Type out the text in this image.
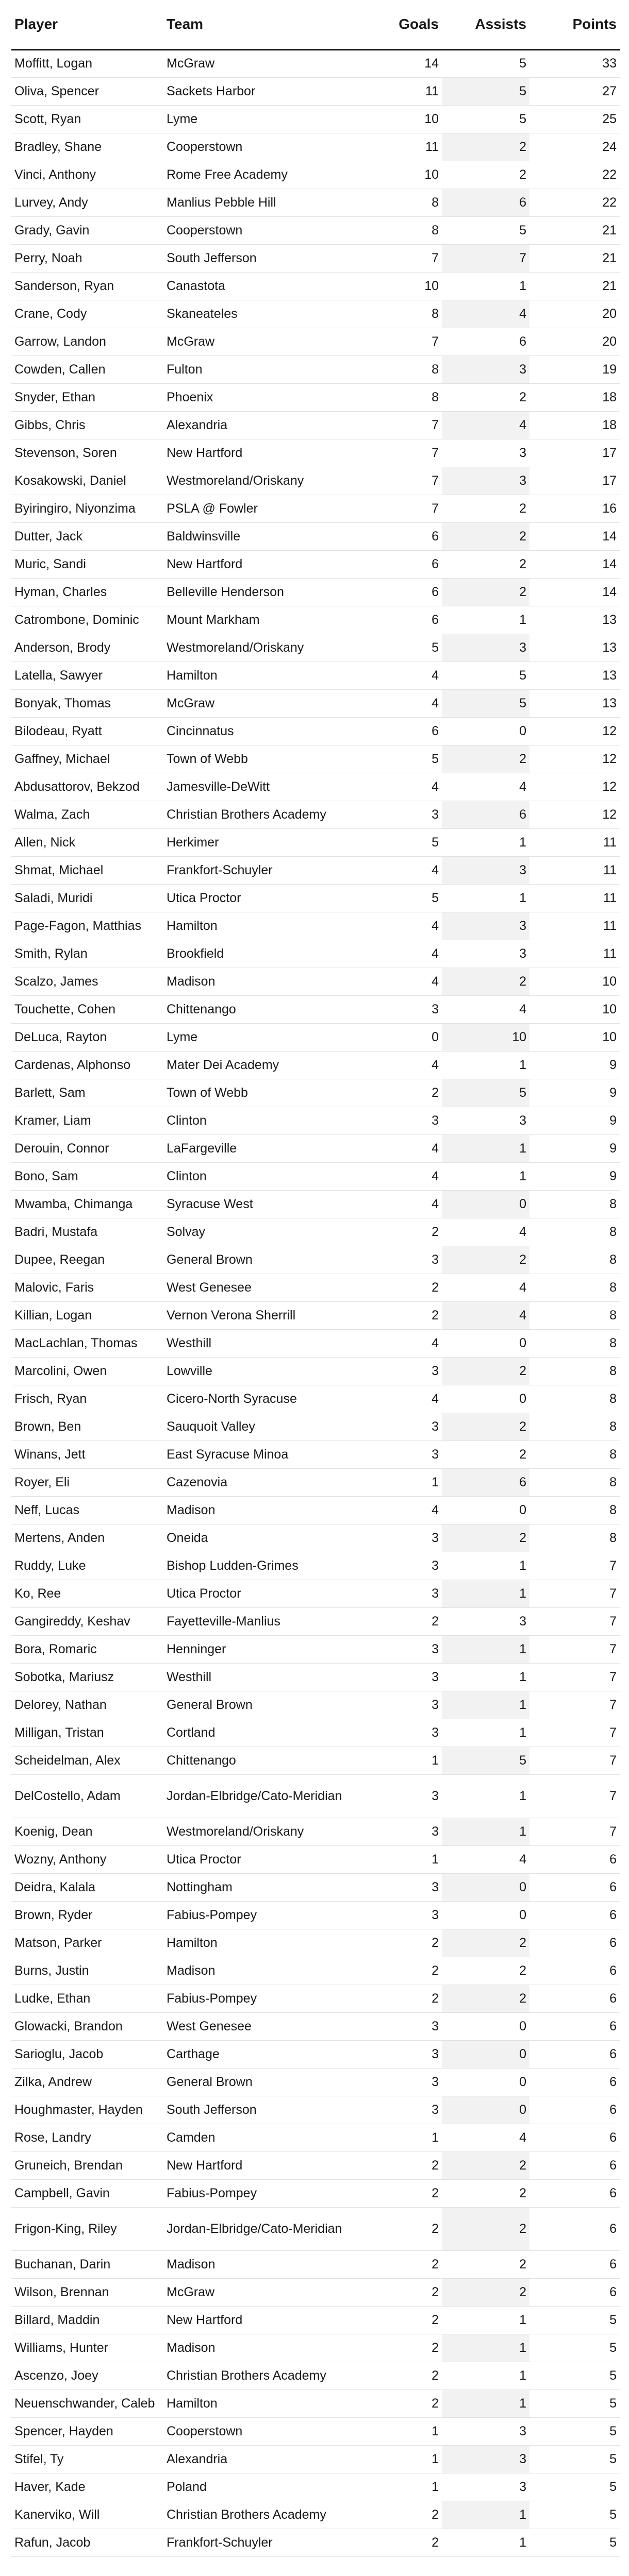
Player	Team	Goals	Assists	Points
Moffitt, Logan	McGraw	14	5	33
Oliva, Spencer	Sackets Harbor	11	5	27
Scott, Ryan	Lyme	10	5	25
Bradley, Shane	Cooperstown	11	2	24
Vinci, Anthony	Rome Free Academy	10	2	22
Lurvey, Andy	Manlius Pebble Hill	8	6	22
Grady, Gavin	Cooperstown	8	5	21
Perry, Noah	South Jefferson	7	7	21
Sanderson, Ryan	Canastota	10	1	21
Crane, Cody	Skaneateles	8	4	20
Garrow, Landon	McGraw	7	6	20
Cowden, Callen	Fulton	8	3	19
Snyder, Ethan	Phoenix	8	2	18
Gibbs, Chris	Alexandria	7	4	18
Stevenson, Soren	New Hartford	7	3	17
Kosakowski, Daniel	Westmoreland/Oriskany	7	3	17
Byiringiro, Niyonzima	PSLA @ Fowler	7	2	16
Dutter, Jack	Baldwinsville	6	2	14
Muric, Sandi	New Hartford	6	2	14
Hyman, Charles	Belleville Henderson	6	2	14
Catrombone, Dominic	Mount Markham	6	1	13
Anderson, Brody	Westmoreland/Oriskany	5	3	13
Latella, Sawyer	Hamilton	4	5	13
Bonyak, Thomas	McGraw	4	5	13
Bilodeau, Ryatt	Cincinnatus	6	0	12
Gaffney, Michael	Town of Webb	5	2	12
Abdusattorov, Bekzod	Jamesville-DeWitt	4	4	12
Walma, Zach	Christian Brothers Academy	3	6	12
Allen, Nick	Herkimer	5	1	11
Shmat, Michael	Frankfort-Schuyler	4	3	11
Saladi, Muridi	Utica Proctor	5	1	11
Page-Fagon, Matthias	Hamilton	4	3	11
Smith, Rylan	Brookfield	4	3	11
Scalzo, James	Madison	4	2	10
Touchette, Cohen	Chittenango	3	4	10
DeLuca, Rayton	Lyme	0	10	10
Cardenas, Alphonso	Mater Dei Academy	4	1	9
Barlett, Sam	Town of Webb	2	5	9
Kramer, Liam	Clinton	3	3	9
Derouin, Connor	LaFargeville	4	1	9
Bono, Sam	Clinton	4	1	9
Mwamba, Chimanga	Syracuse West	4	0	8
Badri, Mustafa	Solvay	2	4	8
Dupee, Reegan	General Brown	3	2	8
Malovic, Faris	West Genesee	2	4	8
Killian, Logan	Vernon Verona Sherrill	2	4	8
MacLachlan, Thomas	Westhill	4	0	8
Marcolini, Owen	Lowville	3	2	8
Frisch, Ryan	Cicero-North Syracuse	4	0	8
Brown, Ben	Sauquoit Valley	3	2	8
Winans, Jett	East Syracuse Minoa	3	2	8
Royer, Eli	Cazenovia	1	6	8
Neff, Lucas	Madison	4	0	8
Mertens, Anden	Oneida	3	2	8
Ruddy, Luke	Bishop Ludden-Grimes	3	1	7
Ko, Ree	Utica Proctor	3	1	7
Gangireddy, Keshav	Fayetteville-Manlius	2	3	7
Bora, Romaric	Henninger	3	1	7
Sobotka, Mariusz	Westhill	3	1	7
Delorey, Nathan	General Brown	3	1	7
Milligan, Tristan	Cortland	3	1	7
Scheidelman, Alex	Chittenango	1	5	7
DelCostello, Adam	Jordan-Elbridge/Cato-Meridian	3	1	7
Koenig, Dean	Westmoreland/Oriskany	3	1	7
Wozny, Anthony	Utica Proctor	1	4	6
Deidra, Kalala	Nottingham	3	0	6
Brown, Ryder	Fabius-Pompey	3	0	6
Matson, Parker	Hamilton	2	2	6
Burns, Justin	Madison	2	2	6
Ludke, Ethan	Fabius-Pompey	2	2	6
Glowacki, Brandon	West Genesee	3	0	6
Sarioglu, Jacob	Carthage	3	0	6
Zilka, Andrew	General Brown	3	0	6
Houghmaster, Hayden	South Jefferson	3	0	6
Rose, Landry	Camden	1	4	6
Gruneich, Brendan	New Hartford	2	2	6
Campbell, Gavin	Fabius-Pompey	2	2	6
Frigon-King, Riley	Jordan-Elbridge/Cato-Meridian	2	2	6
Buchanan, Darin	Madison	2	2	6
Wilson, Brennan	McGraw	2	2	6
Billard, Maddin	New Hartford	2	1	5
Williams, Hunter	Madison	2	1	5
Ascenzo, Joey	Christian Brothers Academy	2	1	5
Neuenschwander, Caleb	Hamilton	2	1	5
Spencer, Hayden	Cooperstown	1	3	5
Stifel, Ty	Alexandria	1	3	5
Haver, Kade	Poland	1	3	5
Kanerviko, Will	Christian Brothers Academy	2	1	5
Rafun, Jacob	Frankfort-Schuyler	2	1	5
